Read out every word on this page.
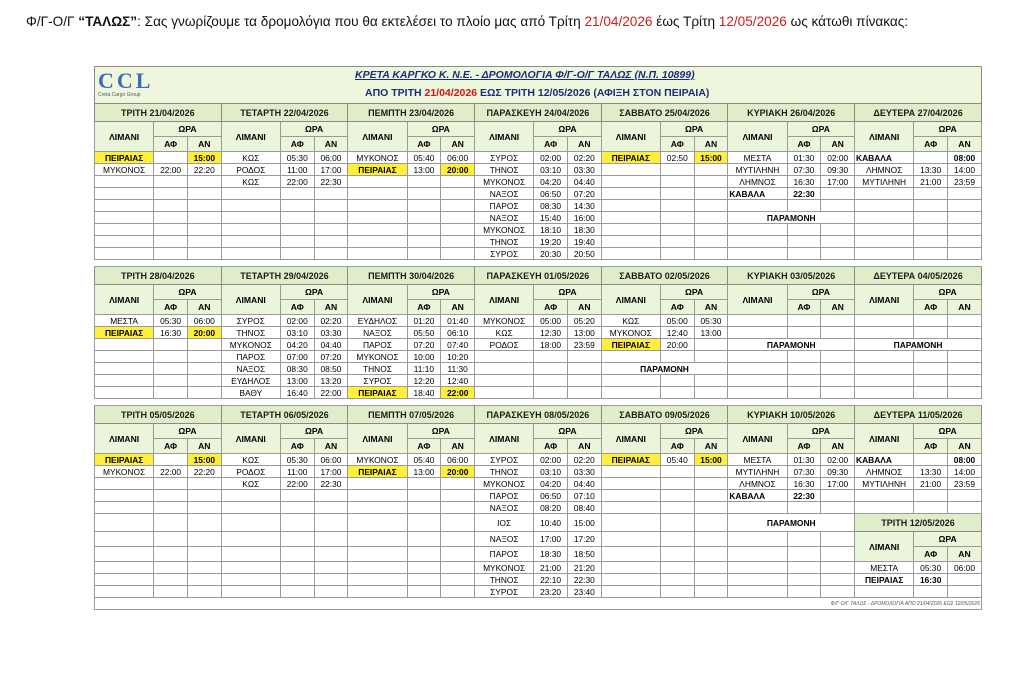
Φ/Γ-Ο/Γ “ΤΑΛΩΣ”: Σας γνωρίζουμε τα δρομολόγια που θα εκτελέσει το πλοίο μας από Τρίτη 21/04/2026 έως Τρίτη 12/05/2026 ως κάτωθι πίνακας:
CCL
Creta Cargo Group
ΚΡΕΤΑ ΚΑΡΓΚΟ Κ. Ν.Ε. - ΔΡΟΜΟΛΟΓΙΑ Φ/Γ-Ο/Γ ΤΑΛΩΣ (Ν.Π. 10899)
ΑΠΟ ΤΡΙΤΗ 21/04/2026 ΕΩΣ ΤΡΙΤΗ 12/05/2026 (ΑΦΙΞΗ ΣΤΟΝ ΠΕΙΡΑΙΑ)
ΤΡΙΤΗ 21/04/2026			ΤΕΤΑΡΤΗ 22/04/2026			ΠΕΜΠΤΗ 23/04/2026			ΠΑΡΑΣΚΕΥΗ 24/04/2026			ΣΑΒΒΑΤΟ 25/04/2026			ΚΥΡΙΑΚΗ 26/04/2026			ΔΕΥΤΕΡΑ 27/04/2026		
ΛΙΜΑΝΙ	ΩΡΑ		ΛΙΜΑΝΙ	ΩΡΑ		ΛΙΜΑΝΙ	ΩΡΑ		ΛΙΜΑΝΙ	ΩΡΑ		ΛΙΜΑΝΙ	ΩΡΑ		ΛΙΜΑΝΙ	ΩΡΑ		ΛΙΜΑΝΙ	ΩΡΑ	
	ΑΦ	ΑΝ		ΑΦ	ΑΝ		ΑΦ	ΑΝ		ΑΦ	ΑΝ		ΑΦ	ΑΝ		ΑΦ	ΑΝ		ΑΦ	ΑΝ
ΠΕΙΡΑΙΑΣ		15:00	ΚΩΣ	05:30	06:00	ΜΥΚΟΝΟΣ	05:40	06:00	ΣΥΡΟΣ	02:00	02:20	ΠΕΙΡΑΙΑΣ	02:50	15:00	ΜΕΣΤΑ	01:30	02:00	ΚΑΒΑΛΑ		08:00
ΜΥΚΟΝΟΣ	22:00	22:20	ΡΟΔΟΣ	11:00	17:00	ΠΕΙΡΑΙΑΣ	13:00	20:00	ΤΗΝΟΣ	03:10	03:30				ΜΥΤΙΛΗΝΗ	07:30	09:30	ΛΗΜΝΟΣ	13:30	14:00
			ΚΩΣ	22:00	22:30				ΜΥΚΟΝΟΣ	04:20	04:40				ΛΗΜΝΟΣ	16:30	17:00	ΜΥΤΙΛΗΝΗ	21:00	23:59
									ΝΑΞΟΣ	06:50	07:20				ΚΑΒΑΛΑ	22:30				
									ΠΑΡΟΣ	08:30	14:30									
									ΝΑΞΟΣ	15:40	16:00				ΠΑΡΑΜΟΝΗ					
									ΜΥΚΟΝΟΣ	18:10	18:30									
									ΤΗΝΟΣ	19:20	19:40									
									ΣΥΡΟΣ	20:30	20:50									

ΤΡΙΤΗ 28/04/2026			ΤΕΤΑΡΤΗ 29/04/2026			ΠΕΜΠΤΗ 30/04/2026			ΠΑΡΑΣΚΕΥΗ 01/05/2026			ΣΑΒΒΑΤΟ 02/05/2026			ΚΥΡΙΑΚΗ 03/05/2026			ΔΕΥΤΕΡΑ 04/05/2026		
ΛΙΜΑΝΙ	ΩΡΑ		ΛΙΜΑΝΙ	ΩΡΑ		ΛΙΜΑΝΙ	ΩΡΑ		ΛΙΜΑΝΙ	ΩΡΑ		ΛΙΜΑΝΙ	ΩΡΑ		ΛΙΜΑΝΙ	ΩΡΑ		ΛΙΜΑΝΙ	ΩΡΑ	
	ΑΦ	ΑΝ		ΑΦ	ΑΝ		ΑΦ	ΑΝ		ΑΦ	ΑΝ		ΑΦ	ΑΝ		ΑΦ	ΑΝ		ΑΦ	ΑΝ
ΜΕΣΤΑ	05:30	06:00	ΣΥΡΟΣ	02:00	02:20	ΕΥΔΗΛΟΣ	01:20	01:40	ΜΥΚΟΝΟΣ	05:00	05:20	ΚΩΣ	05:00	05:30						
ΠΕΙΡΑΙΑΣ	16:30	20:00	ΤΗΝΟΣ	03:10	03:30	ΝΑΞΟΣ	05:50	06:10	ΚΩΣ	12:30	13:00	ΜΥΚΟΝΟΣ	12:40	13:00						
			ΜΥΚΟΝΟΣ	04:20	04:40	ΠΑΡΟΣ	07:20	07:40	ΡΟΔΟΣ	18:00	23:59	ΠΕΙΡΑΙΑΣ	20:00		ΠΑΡΑΜΟΝΗ			ΠΑΡΑΜΟΝΗ		
			ΠΑΡΟΣ	07:00	07:20	ΜΥΚΟΝΟΣ	10:00	10:20												
			ΝΑΞΟΣ	08:30	08:50	ΤΗΝΟΣ	11:10	11:30				ΠΑΡΑΜΟΝΗ								
			ΕΥΔΗΛΟΣ	13:00	13:20	ΣΥΡΟΣ	12:20	12:40												
			ΒΑΘΥ	16:40	22:00	ΠΕΙΡΑΙΑΣ	18:40	22:00												

ΤΡΙΤΗ 05/05/2026			ΤΕΤΑΡΤΗ 06/05/2026			ΠΕΜΠΤΗ 07/05/2026			ΠΑΡΑΣΚΕΥΗ 08/05/2026			ΣΑΒΒΑΤΟ 09/05/2026			ΚΥΡΙΑΚΗ 10/05/2026			ΔΕΥΤΕΡΑ 11/05/2026		
ΛΙΜΑΝΙ	ΩΡΑ		ΛΙΜΑΝΙ	ΩΡΑ		ΛΙΜΑΝΙ	ΩΡΑ		ΛΙΜΑΝΙ	ΩΡΑ		ΛΙΜΑΝΙ	ΩΡΑ		ΛΙΜΑΝΙ	ΩΡΑ		ΛΙΜΑΝΙ	ΩΡΑ	
	ΑΦ	ΑΝ		ΑΦ	ΑΝ		ΑΦ	ΑΝ		ΑΦ	ΑΝ		ΑΦ	ΑΝ		ΑΦ	ΑΝ		ΑΦ	ΑΝ
ΠΕΙΡΑΙΑΣ		15:00	ΚΩΣ	05:30	06:00	ΜΥΚΟΝΟΣ	05:40	06:00	ΣΥΡΟΣ	02:00	02:20	ΠΕΙΡΑΙΑΣ	05:40	15:00	ΜΕΣΤΑ	01:30	02:00	ΚΑΒΑΛΑ		08:00
ΜΥΚΟΝΟΣ	22:00	22:20	ΡΟΔΟΣ	11:00	17:00	ΠΕΙΡΑΙΑΣ	13:00	20:00	ΤΗΝΟΣ	03:10	03:30				ΜΥΤΙΛΗΝΗ	07:30	09:30	ΛΗΜΝΟΣ	13:30	14:00
			ΚΩΣ	22:00	22:30				ΜΥΚΟΝΟΣ	04:20	04:40				ΛΗΜΝΟΣ	16:30	17:00	ΜΥΤΙΛΗΝΗ	21:00	23:59
									ΠΑΡΟΣ	06:50	07:10				ΚΑΒΑΛΑ	22:30				
									ΝΑΞΟΣ	08:20	08:40									
									ΙΟΣ	10:40	15:00				ΠΑΡΑΜΟΝΗ			ΤΡΙΤΗ 12/05/2026		
									ΝΑΞΟΣ	17:00	17:20							ΛΙΜΑΝΙ	ΩΡΑ	
									ΠΑΡΟΣ	18:30	18:50								ΑΦ	ΑΝ
									ΜΥΚΟΝΟΣ	21:00	21:20							ΜΕΣΤΑ	05:30	06:00
									ΤΗΝΟΣ	22:10	22:30							ΠΕΙΡΑΙΑΣ	16:30	
									ΣΥΡΟΣ	23:20	23:40									
Φ/Γ-Ο/Γ ΤΑΛΩΣ - ΔΡΟΜΟΛΟΓΙΑ ΑΠΟ 21/04/2026 ΕΩΣ 12/05/2026																				
